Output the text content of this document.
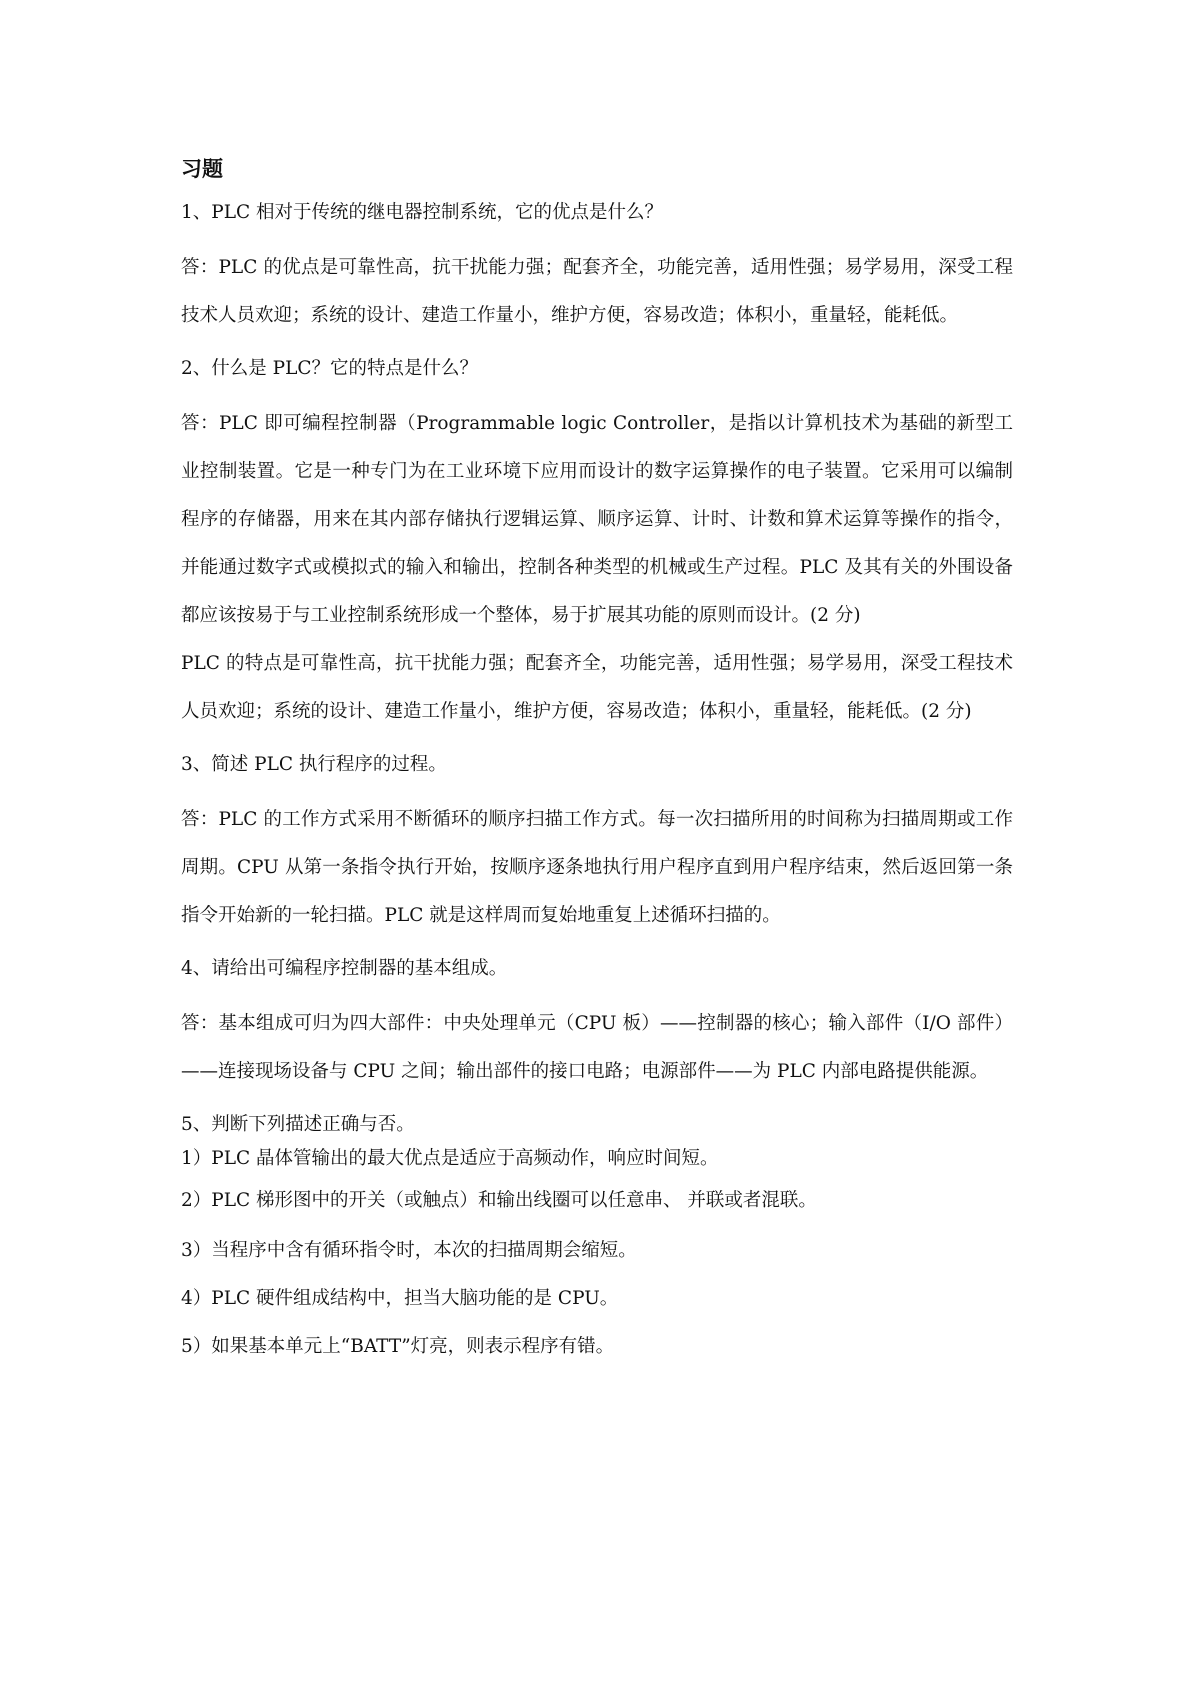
习题
1、PLC 相对于传统的继电器控制系统，它的优点是什么？

答：PLC 的优点是可靠性高，抗干扰能力强；配套齐全，功能完善，适用性强；易学易用，深受工程技术人员欢迎；系统的设计、建造工作量小，维护方便，容易改造；体积小，重量轻，能耗低。

2、什么是 PLC？它的特点是什么？

答：PLC 即可编程控制器（Programmable logic Controller，是指以计算机技术为基础的新型工业控制装置。它是一种专门为在工业环境下应用而设计的数字运算操作的电子装置。它采用可以编制程序的存储器，用来在其内部存储执行逻辑运算、顺序运算、计时、计数和算术运算等操作的指令，并能通过数字式或模拟式的输入和输出，控制各种类型的机械或生产过程。PLC 及其有关的外围设备都应该按易于与工业控制系统形成一个整体，易于扩展其功能的原则而设计。(2 分)

PLC 的特点是可靠性高，抗干扰能力强；配套齐全，功能完善，适用性强；易学易用，深受工程技术人员欢迎；系统的设计、建造工作量小，维护方便，容易改造；体积小，重量轻，能耗低。(2 分)

3、简述 PLC 执行程序的过程。

答：PLC 的工作方式采用不断循环的顺序扫描工作方式。每一次扫描所用的时间称为扫描周期或工作周期。CPU 从第一条指令执行开始，按顺序逐条地执行用户程序直到用户程序结束，然后返回第一条指令开始新的一轮扫描。PLC 就是这样周而复始地重复上述循环扫描的。

4、请给出可编程序控制器的基本组成。

答：基本组成可归为四大部件：中央处理单元（CPU 板）——控制器的核心；输入部件（I/O 部件）——连接现场设备与 CPU 之间；输出部件的接口电路；电源部件——为 PLC 内部电路提供能源。

5、判断下列描述正确与否。
1）PLC 晶体管输出的最大优点是适应于高频动作，响应时间短。
2）PLC 梯形图中的开关（或触点）和输出线圈可以任意串、 并联或者混联。
3）当程序中含有循环指令时，本次的扫描周期会缩短。
4）PLC 硬件组成结构中，担当大脑功能的是 CPU。
5）如果基本单元上“BATT”灯亮，则表示程序有错。
